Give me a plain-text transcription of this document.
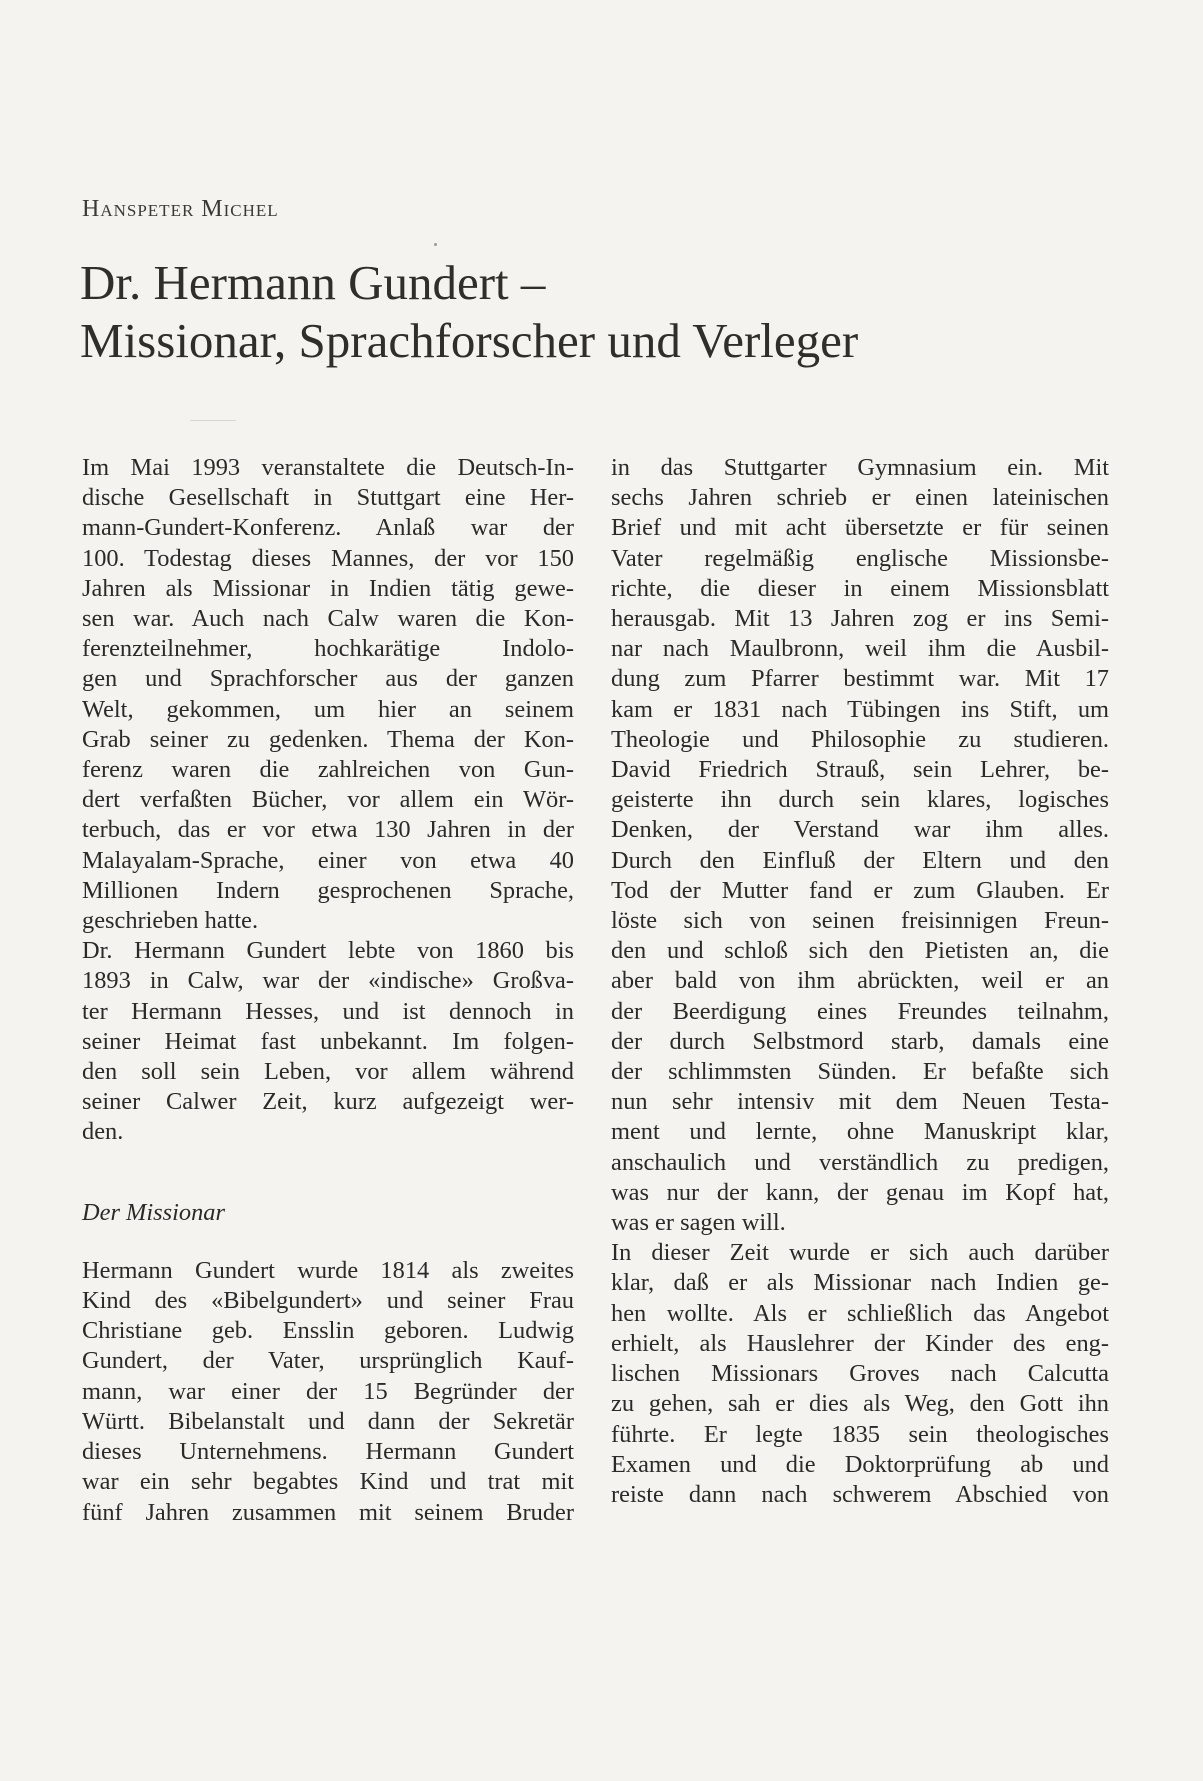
Hanspeter Michel
Dr. Hermann Gundert –
Missionar, Sprachforscher und Verleger

Im Mai 1993 veranstaltete die Deutsch-In-
dische Gesellschaft in Stuttgart eine Her-
mann-Gundert-Konferenz. Anlaß war der
100. Todestag dieses Mannes, der vor 150
Jahren als Missionar in Indien tätig gewe-
sen war. Auch nach Calw waren die Kon-
ferenzteilnehmer, hochkarätige Indolo-
gen und Sprachforscher aus der ganzen
Welt, gekommen, um hier an seinem
Grab seiner zu gedenken. Thema der Kon-
ferenz waren die zahlreichen von Gun-
dert verfaßten Bücher, vor allem ein Wör-
terbuch, das er vor etwa 130 Jahren in der
Malayalam-Sprache, einer von etwa 40
Millionen Indern gesprochenen Sprache,
geschrieben hatte.

Dr. Hermann Gundert lebte von 1860 bis
1893 in Calw, war der «indische» Großva-
ter Hermann Hesses, und ist dennoch in
seiner Heimat fast unbekannt. Im folgen-
den soll sein Leben, vor allem während
seiner Calwer Zeit, kurz aufgezeigt wer-
den.

Der Missionar

Hermann Gundert wurde 1814 als zweites
Kind des «Bibelgundert» und seiner Frau
Christiane geb. Ensslin geboren. Ludwig
Gundert, der Vater, ursprünglich Kauf-
mann, war einer der 15 Begründer der
Württ. Bibelanstalt und dann der Sekretär
dieses Unternehmens. Hermann Gundert
war ein sehr begabtes Kind und trat mit
fünf Jahren zusammen mit seinem Bruder

in das Stuttgarter Gymnasium ein. Mit
sechs Jahren schrieb er einen lateinischen
Brief und mit acht übersetzte er für seinen
Vater regelmäßig englische Missionsbe-
richte, die dieser in einem Missionsblatt
herausgab. Mit 13 Jahren zog er ins Semi-
nar nach Maulbronn, weil ihm die Ausbil-
dung zum Pfarrer bestimmt war. Mit 17
kam er 1831 nach Tübingen ins Stift, um
Theologie und Philosophie zu studieren.
David Friedrich Strauß, sein Lehrer, be-
geisterte ihn durch sein klares, logisches
Denken, der Verstand war ihm alles.
Durch den Einfluß der Eltern und den
Tod der Mutter fand er zum Glauben. Er
löste sich von seinen freisinnigen Freun-
den und schloß sich den Pietisten an, die
aber bald von ihm abrückten, weil er an
der Beerdigung eines Freundes teilnahm,
der durch Selbstmord starb, damals eine
der schlimmsten Sünden. Er befaßte sich
nun sehr intensiv mit dem Neuen Testa-
ment und lernte, ohne Manuskript klar,
anschaulich und verständlich zu predigen,
was nur der kann, der genau im Kopf hat,
was er sagen will.

In dieser Zeit wurde er sich auch darüber
klar, daß er als Missionar nach Indien ge-
hen wollte. Als er schließlich das Angebot
erhielt, als Hauslehrer der Kinder des eng-
lischen Missionars Groves nach Calcutta
zu gehen, sah er dies als Weg, den Gott ihn
führte. Er legte 1835 sein theologisches
Examen und die Doktorprüfung ab und
reiste dann nach schwerem Abschied von
